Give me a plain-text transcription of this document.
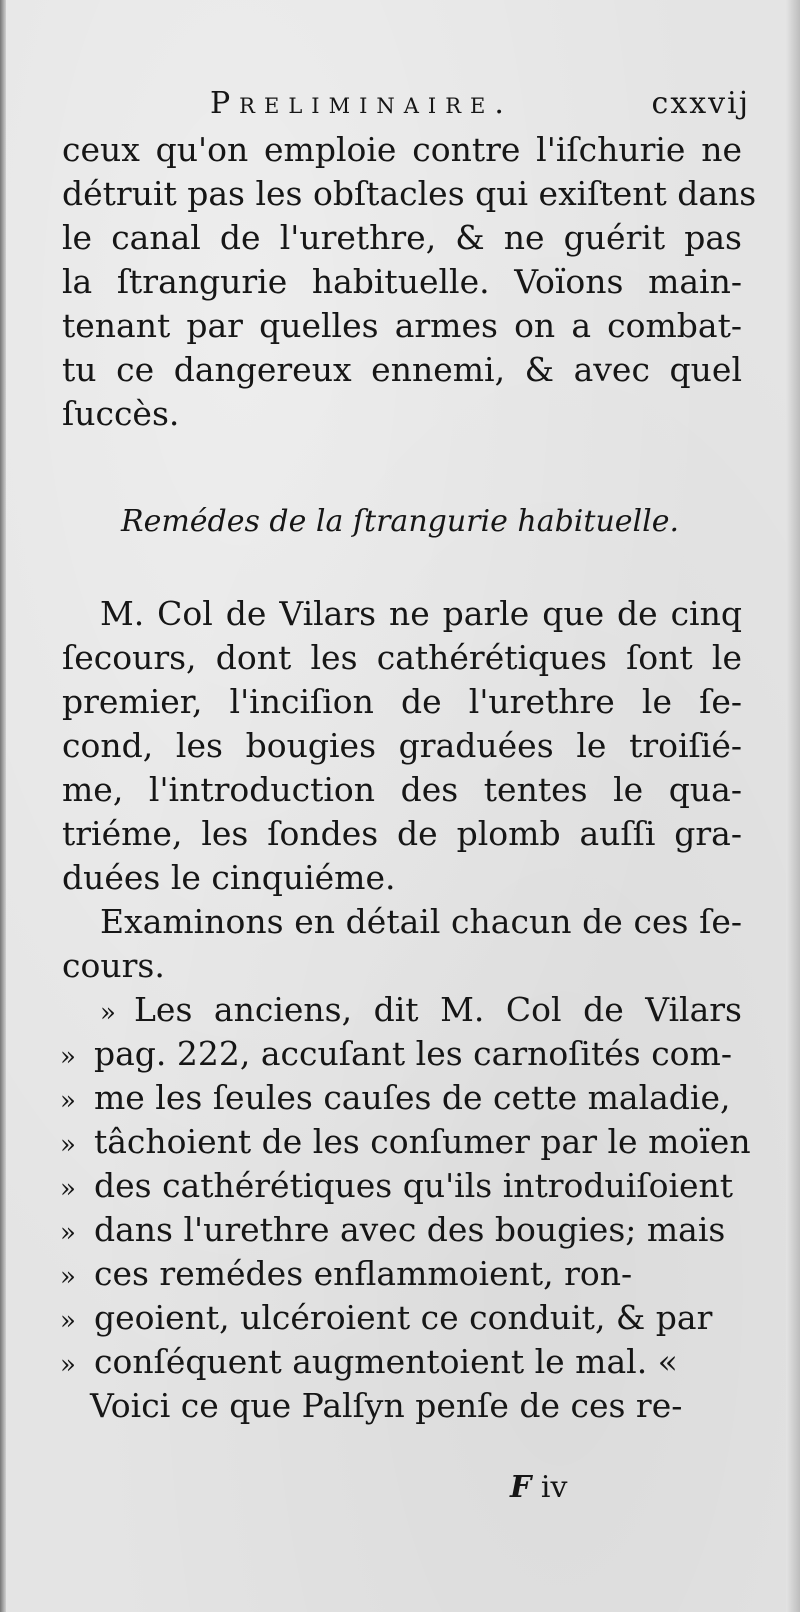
Preliminaire.	cxxvij
ceux qu'on emploie contre l'iſchurie ne
détruit pas les obſtacles qui exiſtent dans
le canal de l'urethre, & ne guérit pas
la ſtrangurie habituelle. Voïons main-
tenant par quelles armes on a combat-
tu ce dangereux ennemi, & avec quel
ſuccès.
Remédes de la ſtrangurie habituelle.
M. Col de Vilars ne parle que de cinq
ſecours, dont les cathérétiques ſont le
premier, l'inciſion de l'urethre le ſe-
cond, les bougies graduées le troiſié-
me, l'introduction des tentes le qua-
triéme, les ſondes de plomb auſſi gra-
duées le cinquiéme.
Examinons en détail chacun de ces ſe-
cours.
» Les anciens, dit M. Col de Vilars
» pag. 222, accuſant les carnoſités com-
» me les ſeules cauſes de cette maladie,
» tâchoient de les conſumer par le moïen
» des cathérétiques qu'ils introduiſoient
» dans l'urethre avec des bougies; mais
» ces remédes enflammoient, ron-
» geoient, ulcéroient ce conduit, & par
» conſéquent augmentoient le mal. «
Voici ce que Palſyn penſe de ces re-
F iv
